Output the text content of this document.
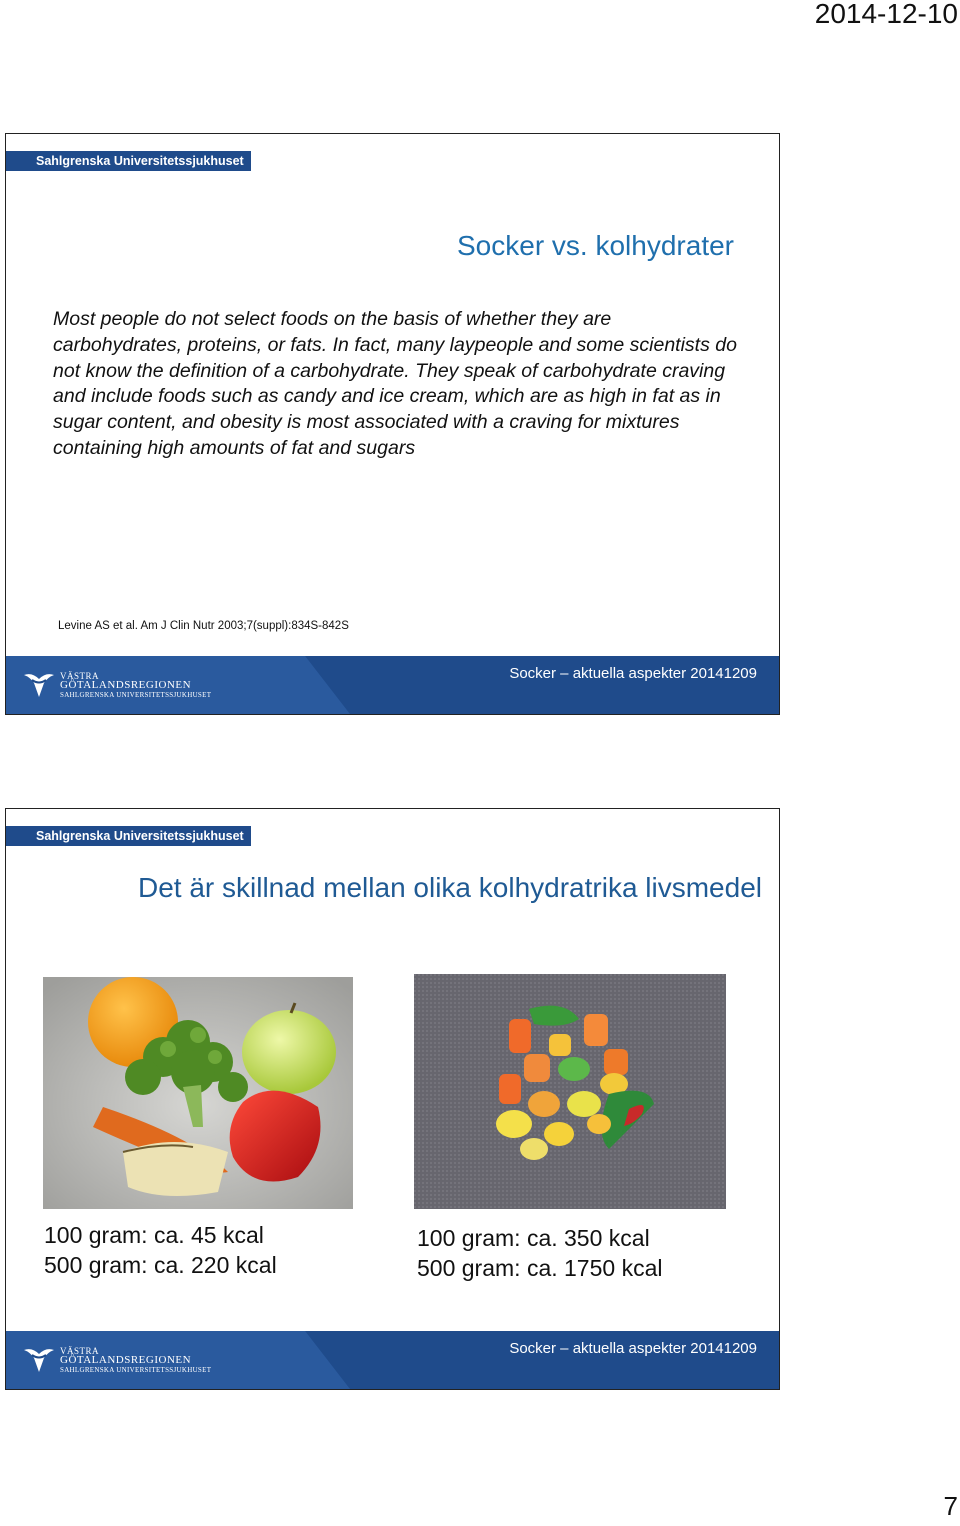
2014-12-10
Sahlgrenska Universitetssjukhuset
Socker vs. kolhydrater
Most people do not select foods on the basis of whether they are carbohydrates, proteins, or fats. In fact, many laypeople and some scientists do not know the definition of a carbohydrate. They speak of carbohydrate craving and include foods such as candy and ice cream, which are as high in fat as in sugar content, and obesity is most associated with a craving for mixtures containing high amounts of fat and sugars
Levine AS et al. Am J Clin Nutr 2003;7(suppl):834S-842S
VÄSTRA
GÖTALANDSREGIONEN
SAHLGRENSKA UNIVERSITETSSJUKHUSET
Socker – aktuella aspekter 20141209
Sahlgrenska Universitetssjukhuset
Det är skillnad mellan olika kolhydratrika livsmedel
100 gram: ca. 45 kcal
500 gram: ca. 220 kcal
100 gram: ca. 350 kcal
500 gram: ca. 1750 kcal
VÄSTRA
GÖTALANDSREGIONEN
SAHLGRENSKA UNIVERSITETSSJUKHUSET
Socker – aktuella aspekter 20141209
7
